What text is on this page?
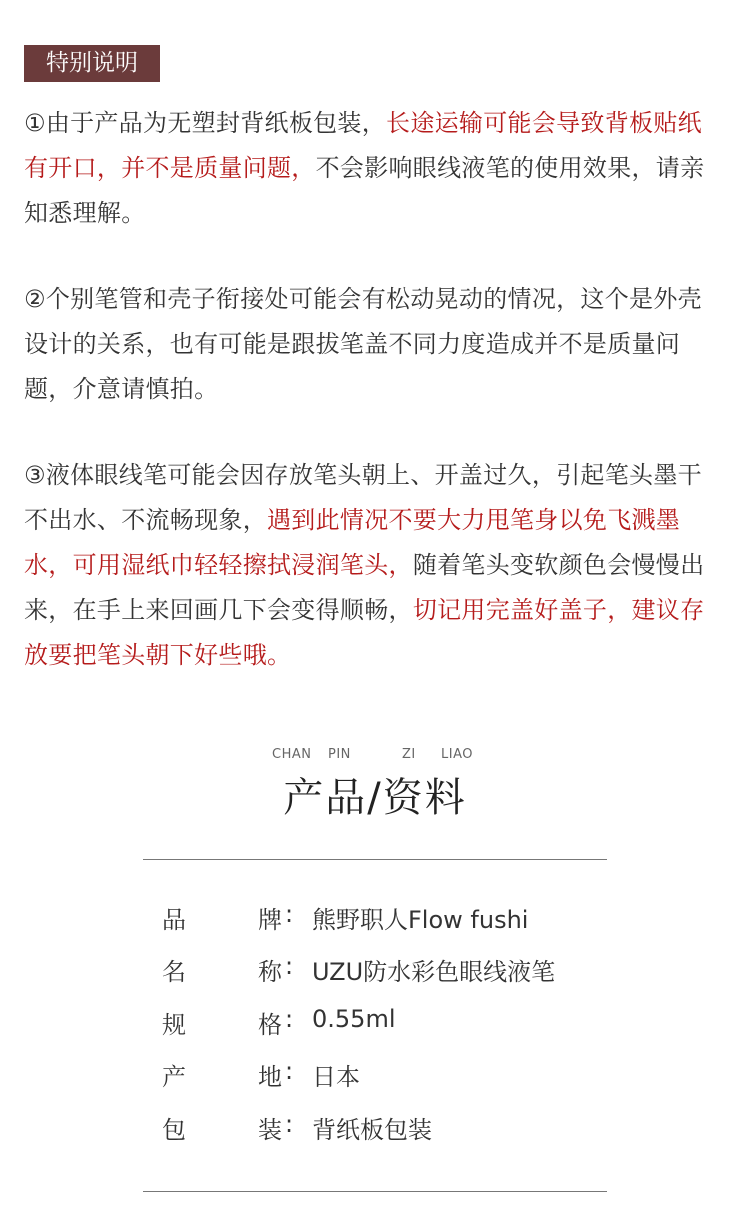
特别说明

①由于产品为无塑封背纸板包装，长途运输可能会导致背板贴纸有开口，并不是质量问题，不会影响眼线液笔的使用效果，请亲知悉理解。

②个别笔管和壳子衔接处可能会有松动晃动的情况，这个是外壳设计的关系，也有可能是跟拔笔盖不同力度造成并不是质量问题，介意请慎拍。

③液体眼线笔可能会因存放笔头朝上、开盖过久，引起笔头墨干不出水、不流畅现象，遇到此情况不要大力甩笔身以免飞溅墨水，可用湿纸巾轻轻擦拭浸润笔头，随着笔头变软颜色会慢慢出来，在手上来回画几下会变得顺畅，切记用完盖好盖子，建议存放要把笔头朝下好些哦。

CHAN PIN	ZI LIAO
产品/资料
品	牌 : 熊野职人Flow fushi
名	称 : UZU防水彩色眼线液笔
规	格 : 0.55ml
产	地 : 日本
包	装 : 背纸板包装
